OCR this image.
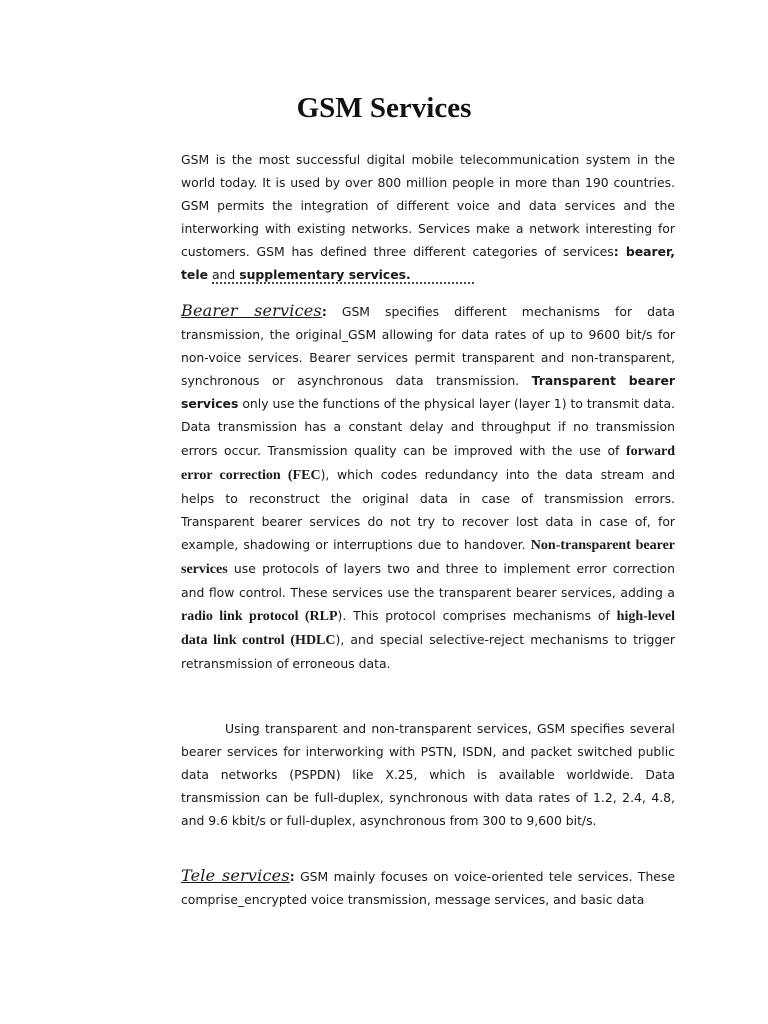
GSM Services
GSM is the most successful digital mobile telecommunication system in the world today. It is used by over 800 million people in more than 190 countries. GSM permits the integration of different voice and data services and the interworking with existing networks. Services make a network interesting for customers. GSM has defined three different categories of services: bearer, tele and supplementary services.
Bearer services: GSM specifies different mechanisms for data transmission, the original_GSM allowing for data rates of up to 9600 bit/s for non-voice services. Bearer services permit transparent and non-transparent, synchronous or asynchronous data transmission. Transparent bearer services only use the functions of the physical layer (layer 1) to transmit data. Data transmission has a constant delay and throughput if no transmission errors occur. Transmission quality can be improved with the use of forward error correction (FEC), which codes redundancy into the data stream and helps to reconstruct the original data in case of transmission errors. Transparent bearer services do not try to recover lost data in case of, for example, shadowing or interruptions due to handover. Non-transparent bearer services use protocols of layers two and three to implement error correction and flow control. These services use the transparent bearer services, adding a radio link protocol (RLP). This protocol comprises mechanisms of high-level data link control (HDLC), and special selective-reject mechanisms to trigger retransmission of erroneous data.
Using transparent and non-transparent services, GSM specifies several bearer services for interworking with PSTN, ISDN, and packet switched public data networks (PSPDN) like X.25, which is available worldwide. Data transmission can be full-duplex, synchronous with data rates of 1.2, 2.4, 4.8, and 9.6 kbit/s or full-duplex, asynchronous from 300 to 9,600 bit/s.
Tele services: GSM mainly focuses on voice-oriented tele services. These comprise_encrypted voice transmission, message services, and basic data
